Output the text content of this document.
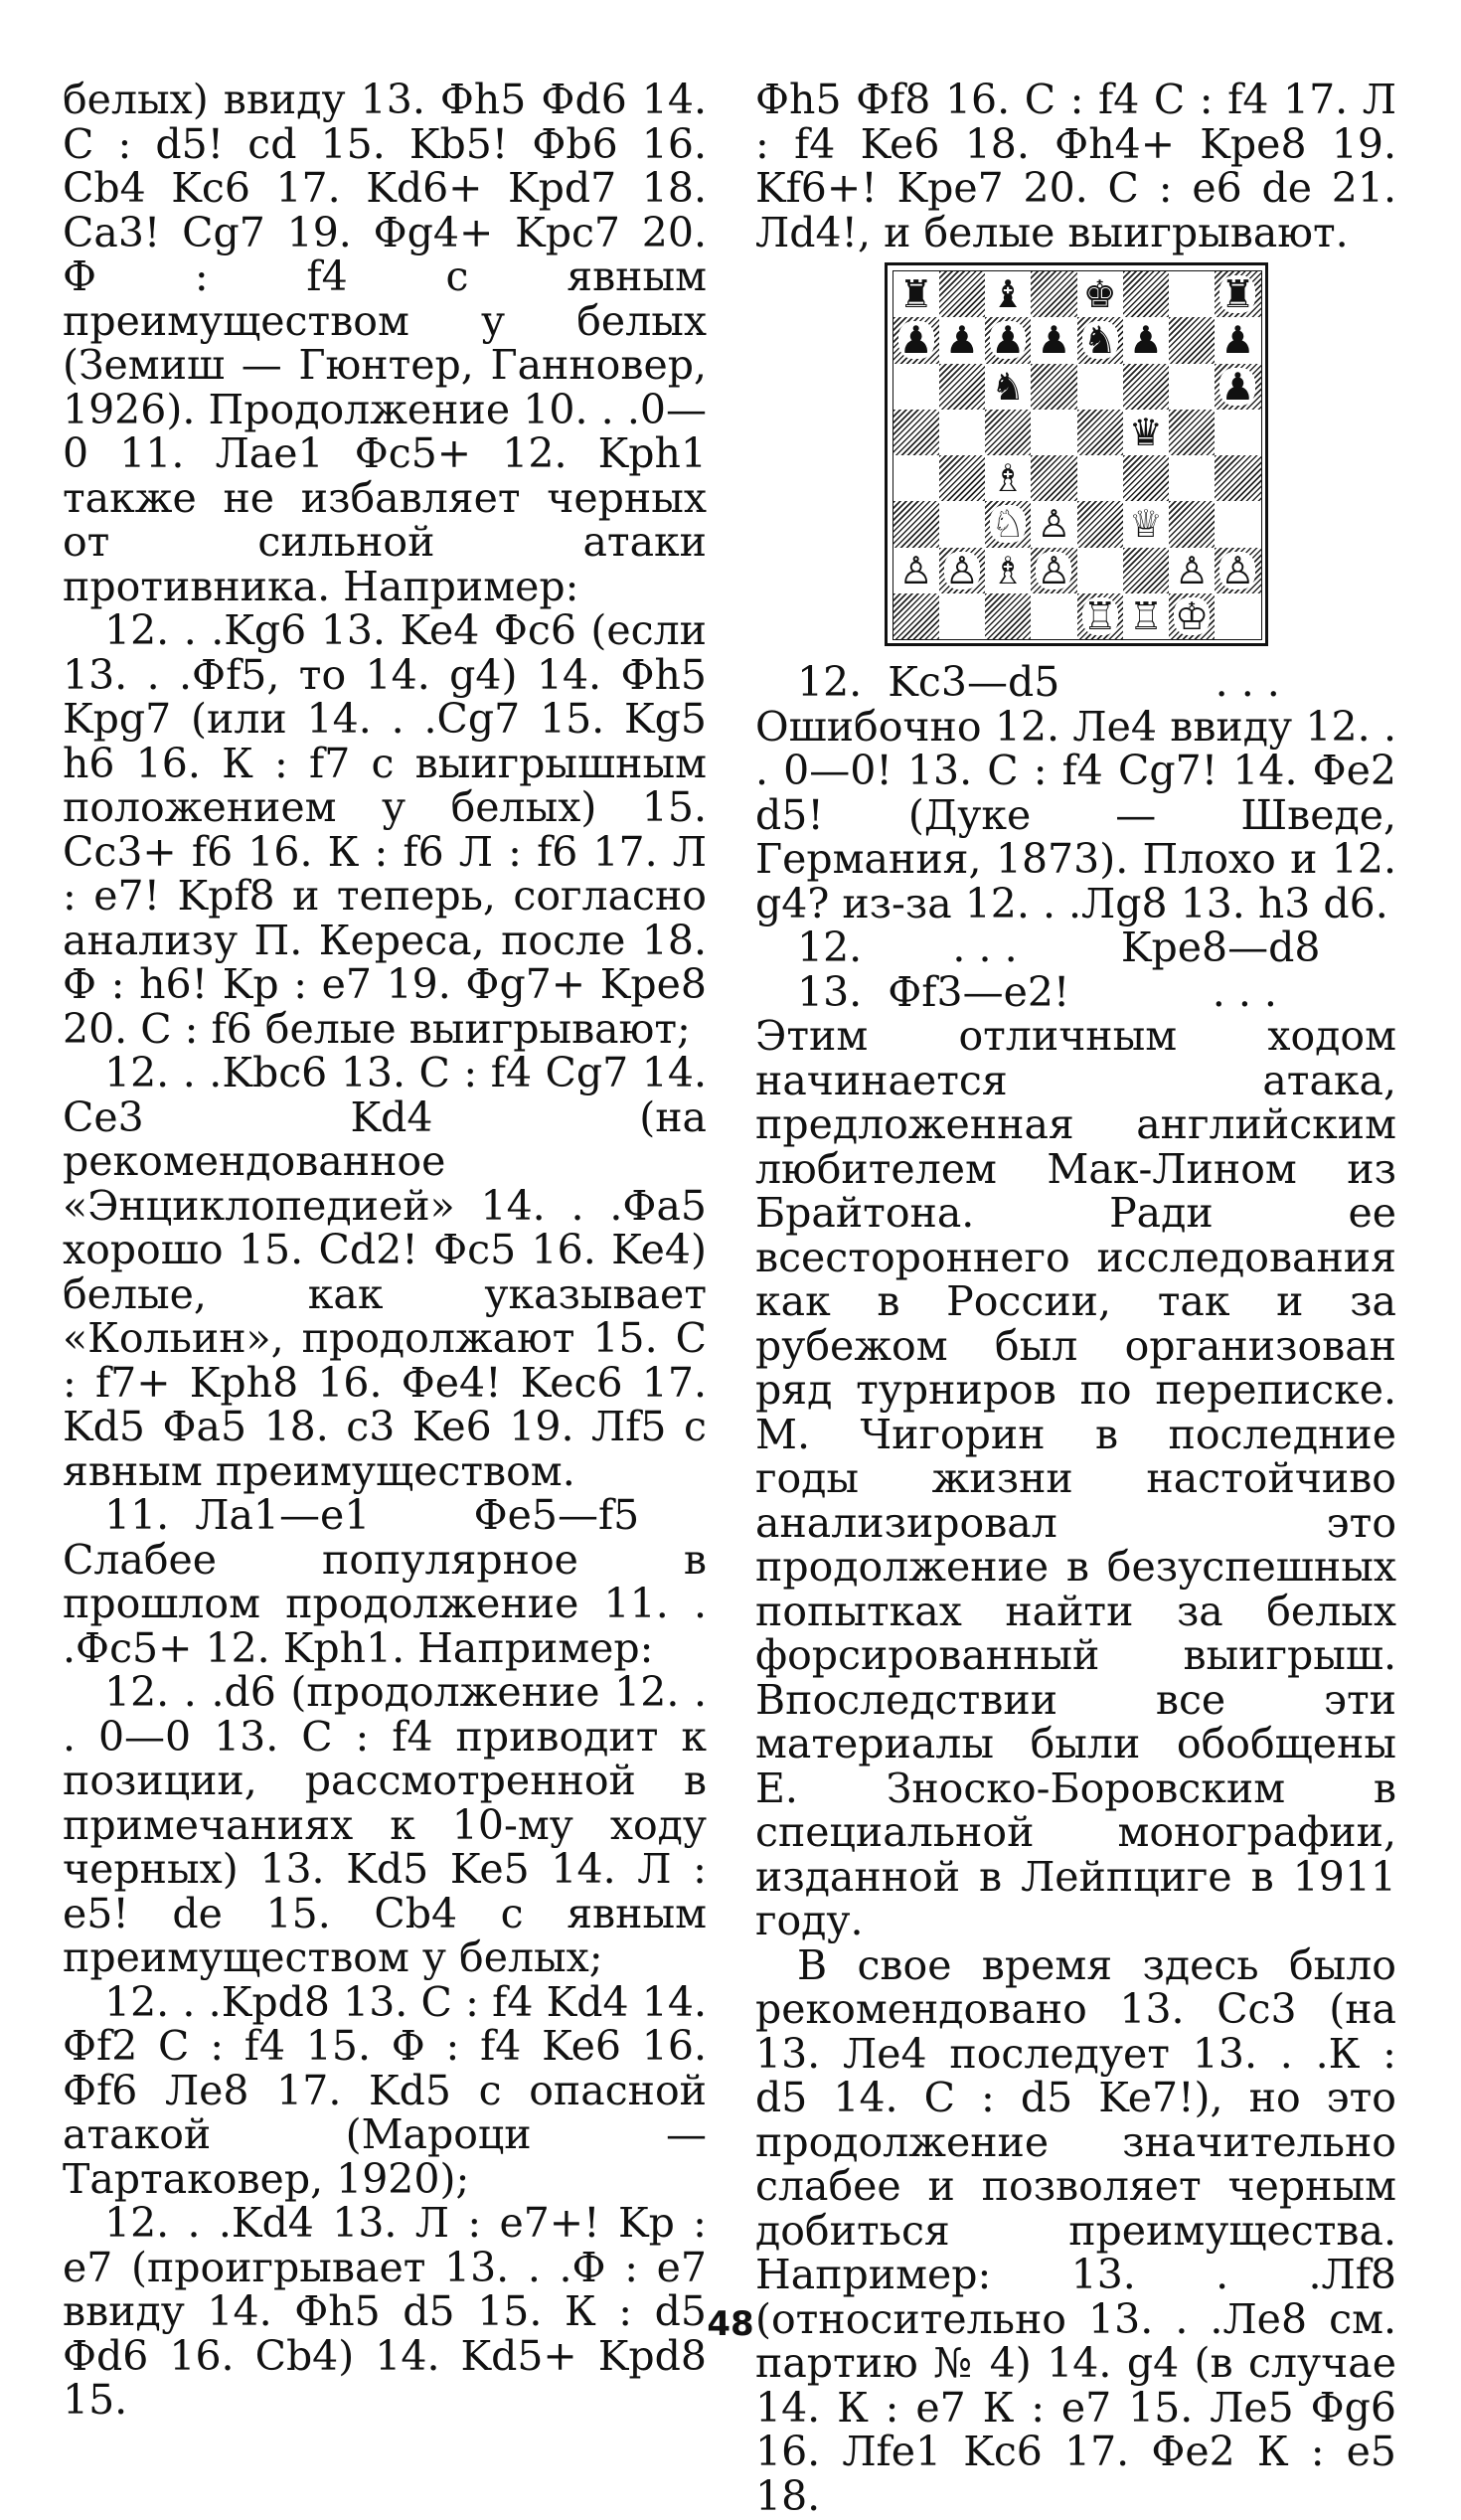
белых) ввиду 13. Фh5 Фd6 14. С : d5! cd 15. Kb5! Фb6 16. Cb4 Kc6 17. Kd6+ Kpd7 18. Ca3! Cg7 19. Фg4+ Kpc7 20. Ф : f4 с явным преимуществом у белых (Земиш — Гюнтер, Ганновер, 1926). Продолжение 10. . .0—0 11. Лae1 Фc5+ 12. Kph1 также не избавляет черных от сильной атаки противника. Например:

12. . .Kg6 13. Ke4 Фc6 (если 13. . .Фf5, то 14. g4) 14. Фh5 Kpg7 (или 14. . .Cg7 15. Kg5 h6 16. К : f7 с выигрышным положением у белых) 15. Cc3+ f6 16. К : f6 Л : f6 17. Л : e7! Kpf8 и теперь, согласно анализу П. Кереса, после 18. Ф : h6! Kp : e7 19. Фg7+ Kpe8 20. С : f6 белые выигрывают;

12. . .Kbc6 13. С : f4 Cg7 14. Ce3 Kd4 (на рекомендованное «Энциклопедией» 14. . .Фa5 хорошо 15. Cd2! Фc5 16. Ke4) белые, как указывает «Кольин», продолжают 15. С : f7+ Kph8 16. Фe4! Kec6 17. Kd5 Фa5 18. c3 Ke6 19. Лf5 с явным преимуществом.

11.  Лa1—e1        Фe5—f5

Слабее популярное в прошлом продолжение 11. . .Фc5+ 12. Kph1. Например:

12. . .d6 (продолжение 12. . . 0—0 13. С : f4 приводит к позиции, рассмотренной в примечаниях к 10-му ходу черных) 13. Kd5 Ke5 14. Л : e5! de 15. Cb4 с явным преимуществом у белых;

12. . .Kpd8 13. С : f4 Kd4 14. Фf2 С : f4 15. Ф : f4 Ke6 16. Фf6 Лe8 17. Kd5 с опасной атакой (Мароци — Тартаковер, 1920);

12. . .Kd4 13. Л : e7+! Kp : e7 (проигрывает 13. . .Ф : e7 ввиду 14. Фh5 d5 15. К : d5 Фd6 16. Cb4) 14. Kd5+ Kpd8 15.

Фh5 Фf8 16. С : f4 С : f4 17. Л : f4 Ke6 18. Фh4+ Kpe8 19. Kf6+! Kpe7 20. С : e6 de 21. Лd4!, и белые выигрывают.

♜ ♝ ♚	♜
♟ ♟ ♟ ♟ ♞ ♟ ♟
♞	♟
♛
♗
♘ ♙ ♕
♙ ♙ ♗ ♙	♙ ♙
♖ ♖ ♔

12.  Kc3—d5            . . .

Ошибочно 12. Лe4 ввиду 12. . . 0—0! 13. С : f4 Cg7! 14. Фe2 d5! (Дуке — Шведе, Германия, 1873). Плохо и 12. g4? из-за 12. . .Лg8 13. h3 d6.

12.       . . .        Kpe8—d8

13.  Фf3—e2!           . . .

Этим отличным ходом начинается атака, предложенная английским любителем Мак-Лином из Брайтона. Ради ее всестороннего исследования как в России, так и за рубежом был организован ряд турниров по переписке. М. Чигорин в последние годы жизни настойчиво анализировал это продолжение в безуспешных попытках найти за белых форсированный выигрыш. Впоследствии все эти материалы были обобщены Е. Зноско-Боровским в специальной монографии, изданной в Лейпциге в 1911 году.

В свое время здесь было рекомендовано 13. Cc3 (на 13. Лe4 последует 13. . .К : d5 14. С : d5 Ke7!), но это продолжение значительно слабее и позволяет черным добиться преимущества. Например: 13. . .Лf8 (относительно 13. . .Лe8 см. партию № 4) 14. g4 (в случае 14. К : e7 К : e7 15. Лe5 Фg6 16. Лfe1 Kc6 17. Фe2 К : e5 18.

48
